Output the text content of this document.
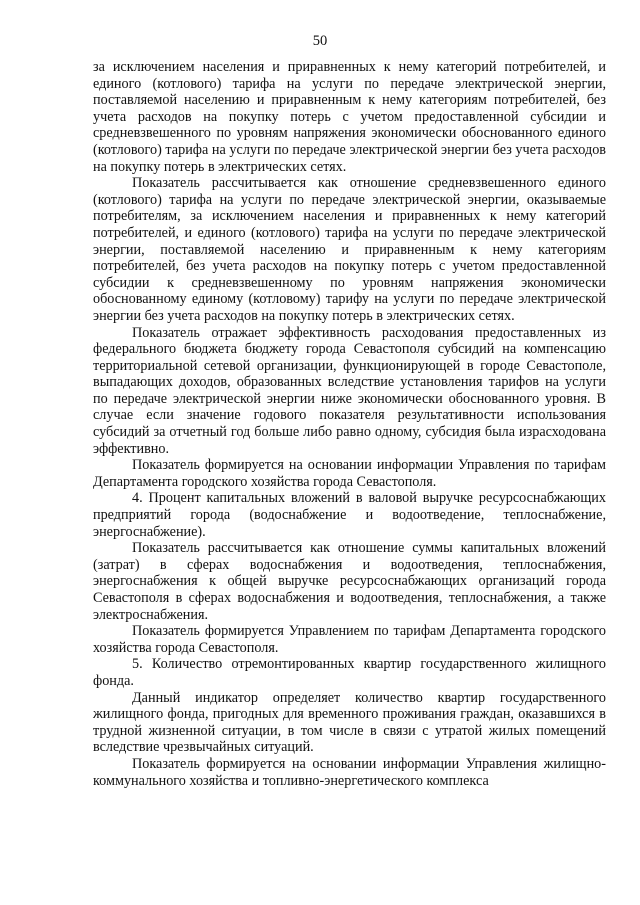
50

за исключением населения и приравненных к нему категорий потребителей, и единого (котлового) тарифа на услуги по передаче электрической энергии, поставляемой населению и приравненным к нему категориям потребителей, без учета расходов на покупку потерь с учетом предоставленной субсидии и средневзвешенного по уровням напряжения экономически обоснованного единого (котлового) тарифа на услуги по передаче электрической энергии без учета расходов на покупку потерь в электрических сетях.

Показатель рассчитывается как отношение средневзвешенного единого (котлового) тарифа на услуги по передаче электрической энергии, оказываемые потребителям, за исключением населения и приравненных к нему категорий потребителей, и единого (котлового) тарифа на услуги по передаче электрической энергии, поставляемой населению и приравненным к нему категориям потребителей, без учета расходов на покупку потерь с учетом предоставленной субсидии к средневзвешенному по уровням напряжения экономически обоснованному единому (котловому) тарифу на услуги по передаче электрической энергии без учета расходов на покупку потерь в электрических сетях.

Показатель отражает эффективность расходования предоставленных из федерального бюджета бюджету города Севастополя субсидий на компенсацию территориальной сетевой организации, функционирующей в городе Севастополе, выпадающих доходов, образованных вследствие установления тарифов на услуги по передаче электрической энергии ниже экономически обоснованного уровня. В случае если значение годового показателя результативности использования субсидий за отчетный год больше либо равно одному, субсидия была израсходована эффективно.

Показатель формируется на основании информации Управления по тарифам Департамента городского хозяйства города Севастополя.

4. Процент капитальных вложений в валовой выручке ресурсоснабжающих предприятий города (водоснабжение и водоотведение, теплоснабжение, энергоснабжение).

Показатель рассчитывается как отношение суммы капитальных вложений (затрат) в сферах водоснабжения и водоотведения, теплоснабжения, энергоснабжения к общей выручке ресурсоснабжающих организаций города Севастополя в сферах водоснабжения и водоотведения, теплоснабжения, а также электроснабжения.

Показатель формируется Управлением по тарифам Департамента городского хозяйства города Севастополя.

5. Количество отремонтированных квартир государственного жилищного фонда.

Данный индикатор определяет количество квартир государственного жилищного фонда, пригодных для временного проживания граждан, оказавшихся в трудной жизненной ситуации, в том числе в связи с утратой жилых помещений вследствие чрезвычайных ситуаций.

Показатель формируется на основании информации Управления жилищно-коммунального хозяйства и топливно-энергетического комплекса
